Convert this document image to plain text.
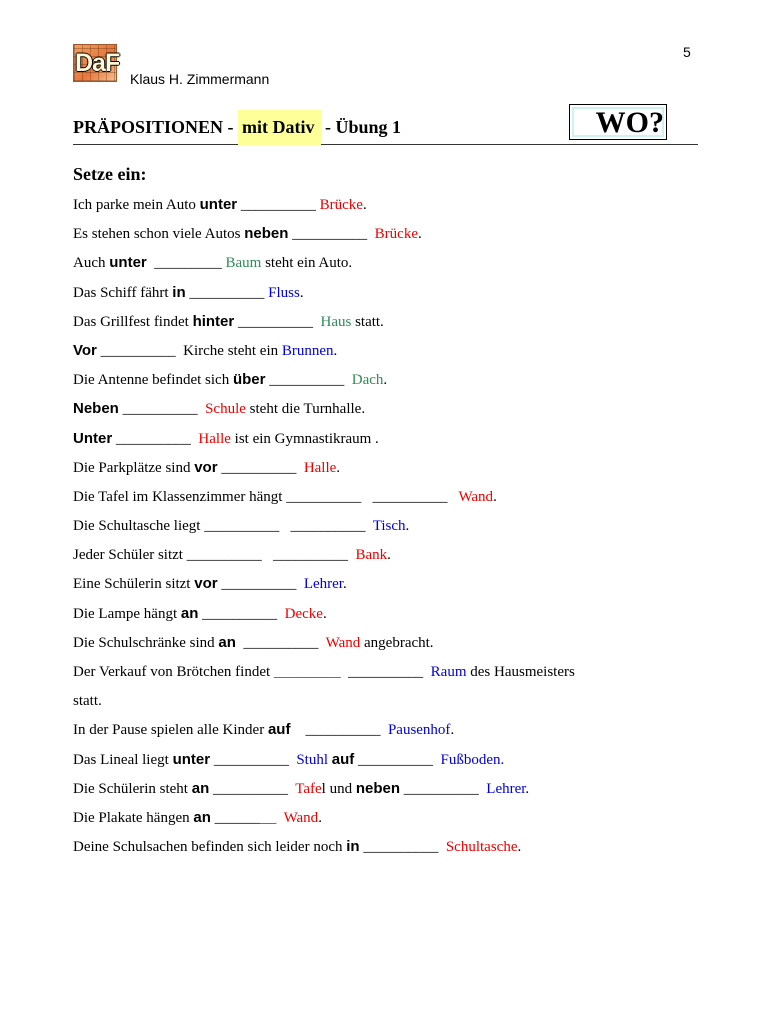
5
DaF
Klaus H. Zimmermann
PRÄPOSITIONEN - mit Dativ - Übung 1	WO?
Setze ein:
Ich parke mein Auto unter __________ Brücke.
Es stehen schon viele Autos neben __________  Brücke.
Auch unter  _________ Baum steht ein Auto.
Das Schiff fährt in __________ Fluss.
Das Grillfest findet hinter __________  Haus statt.
Vor __________  Kirche steht ein Brunnen.
Die Antenne befindet sich über __________  Dach.
Neben __________  Schule steht die Turnhalle.
Unter __________  Halle ist ein Gymnastikraum .
Die Parkplätze sind vor __________  Halle.
Die Tafel im Klassenzimmer hängt __________   __________   Wand.
Die Schultasche liegt __________   __________  Tisch.
Jeder Schüler sitzt __________   __________  Bank.
Eine Schülerin sitzt vor __________  Lehrer.
Die Lampe hängt an __________  Decke.
Die Schulschränke sind an  __________  Wand angebracht.
Der Verkauf von Brötchen findet ________  __________  Raum des Hausmeisters
statt.
In der Pause spielen alle Kinder auf    __________  Pausenhof.
Das Lineal liegt unter __________  Stuhl auf __________  Fußboden.
Die Schülerin steht an __________  Tafel und neben __________  Lehrer.
Die Plakate hängen an ________ Wand.
Deine Schulsachen befinden sich leider noch in __________  Schultasche.
